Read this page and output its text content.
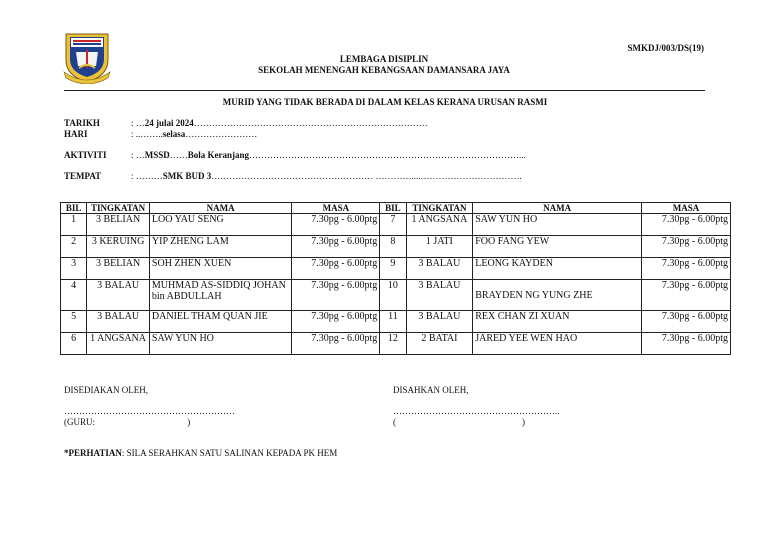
SMKDJ/003/DS(19)
LEMBAGA DISIPLIN
SEKOLAH MENENGAH KEBANGSAAN DAMANSARA JAYA
MURID YANG TIDAK BERADA DI DALAM KELAS KERANA URUSAN RASMI
TARIKH	: …24 julai 2024……………………………………………………………………
HARI	: ..……..selasa……………………
AKTIVITI	: …MSSD……Bola Keranjang………………………………………………………………………………...
TEMPAT	: ………SMK BUD 3……………………………………………… …………....…………………………….
BIL	TINGKATAN	NAMA	MASA	BIL	TINGKATAN	NAMA	MASA
1	3 BELIAN	LOO YAU SENG	7.30pg - 6.00ptg	7	1 ANGSANA	SAW YUN HO	7.30pg - 6.00ptg
2	3 KERUING	YIP ZHENG LAM	7.30pg - 6.00ptg	8	1 JATI	FOO FANG YEW	7.30pg - 6.00ptg
3	3 BELIAN	SOH ZHEN XUEN	7.30pg - 6.00ptg	9	3 BALAU	LEONG KAYDEN	7.30pg - 6.00ptg
4	3 BALAU	MUHMAD AS-SIDDIQ JOHAN bin ABDULLAH	7.30pg - 6.00ptg	10	3 BALAU	BRAYDEN NG YUNG ZHE	7.30pg - 6.00ptg
5	3 BALAU	DANIEL THAM QUAN JIE	7.30pg - 6.00ptg	11	3 BALAU	REX CHAN ZI XUAN	7.30pg - 6.00ptg
6	1 ANGSANA	SAW YUN HO	7.30pg - 6.00ptg	12	2 BATAI	JARED YEE WEN HAO	7.30pg - 6.00ptg
DISEDIAKAN OLEH,
…………………………………………………
(GURU:                                         )
DISAHKAN OLEH,
………………………………………………..
(                                                        )
*PERHATIAN: SILA SERAHKAN SATU SALINAN KEPADA PK HEM
